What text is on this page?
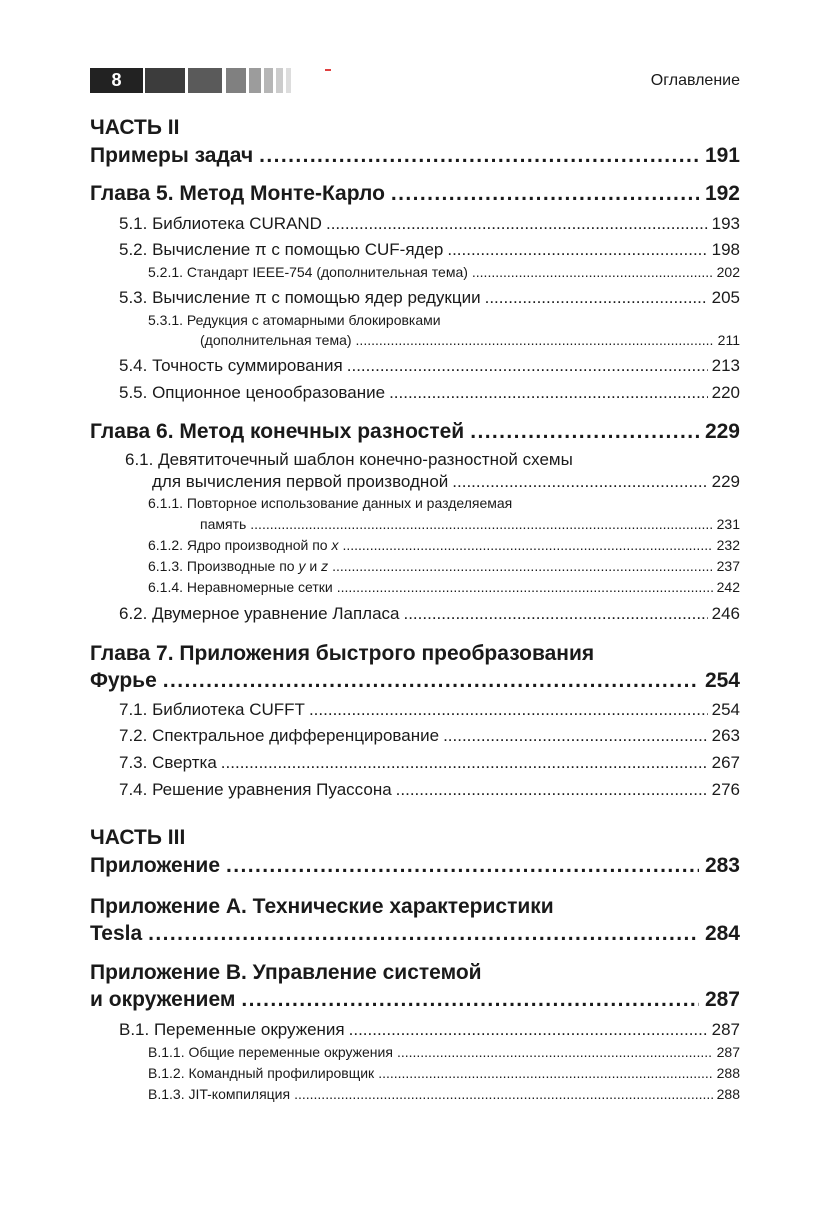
8	Оглавление
ЧАСТЬ II
Примеры задач .....	191
Глава 5. Метод Монте-Карло .....	192
5.1. Библиотека CURAND .....	193
5.2. Вычисление π с помощью CUF-ядер .....	198
5.2.1. Стандарт IEEE-754 (дополнительная тема) .....	202
5.3. Вычисление π с помощью ядер редукции .....	205
5.3.1. Редукция с атомарными блокировками
(дополнительная тема) .....	211
5.4. Точность суммирования .....	213
5.5. Опционное ценообразование .....	220
Глава 6. Метод конечных разностей .....	229
6.1. Девятиточечный шаблон конечно-разностной схемы
для вычисления первой производной .....	229
6.1.1. Повторное использование данных и разделяемая
память .....	231
6.1.2. Ядро производной по x .....	232
6.1.3. Производные по y и z .....	237
6.1.4. Неравномерные сетки .....	242
6.2. Двумерное уравнение Лапласа .....	246
Глава 7. Приложения быстрого преобразования
Фурье .....	254
7.1. Библиотека CUFFT .....	254
7.2. Спектральное дифференцирование .....	263
7.3. Свертка .....	267
7.4. Решение уравнения Пуассона .....	276
ЧАСТЬ III
Приложение .....	283
Приложение А. Технические характеристики
Tesla .....	284
Приложение В. Управление системой
и окружением .....	287
В.1. Переменные окружения .....	287
В.1.1. Общие переменные окружения .....	287
В.1.2. Командный профилировщик .....	288
В.1.3. JIT-компиляция .....	288
